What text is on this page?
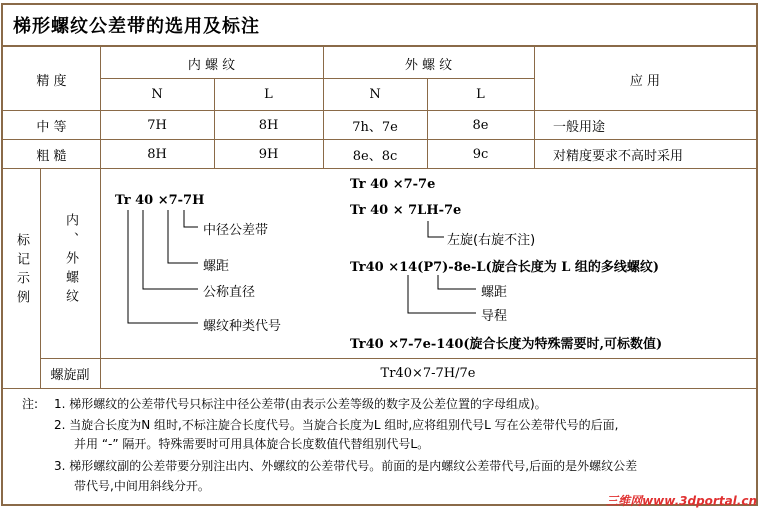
梯形螺纹公差带的选用及标注
精 度
内 螺 纹	外 螺 纹
应 用
N	L	N	L
中 等	7H	8H	7h、7e	8e	一般用途
粗 糙	8H	9H	8e、8c	9c	对精度要求不高时采用
标记示例	内、外螺纹
螺旋副	Tr40×7-7H/7e
Tr 40 ×7-7H
中径公差带
螺距
公称直径
螺纹种类代号
Tr 40 ×7-7e
Tr 40 × 7LH-7e
左旋(右旋不注)
Tr40 ×14(P7)-8e-L(旋合长度为 L 组的多线螺纹)
螺距
导程
Tr40 ×7-7e-140(旋合长度为特殊需要时,可标数值)
注: 1. 梯形螺纹的公差带代号只标注中径公差带(由表示公差等级的数字及公差位置的字母组成)。
2. 当旋合长度为N 组时,不标注旋合长度代号。当旋合长度为L 组时,应将组别代号L 写在公差带代号的后面,
并用 “-” 隔开。特殊需要时可用具体旋合长度数值代替组别代号L。
3. 梯形螺纹副的公差带要分别注出内、外螺纹的公差带代号。前面的是内螺纹公差带代号,后面的是外螺纹公差
带代号,中间用斜线分开。
三维网www.3dportal.cn
